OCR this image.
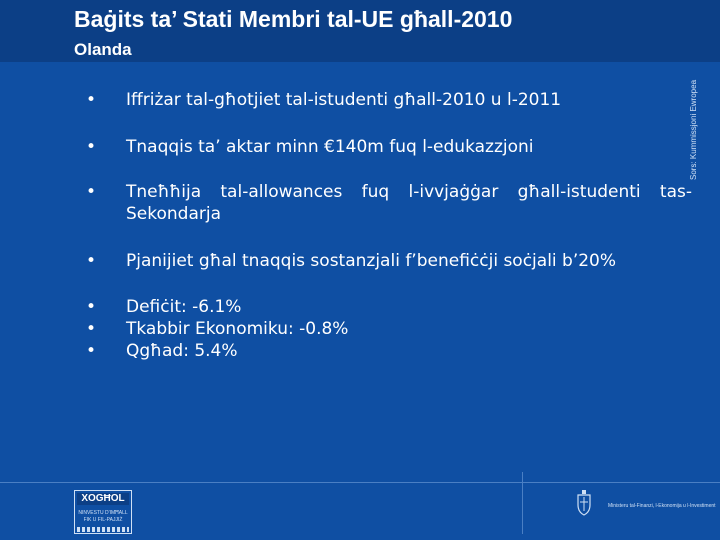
Baġits ta’ Stati Membri tal-UE għall-2010
Olanda
Sors: Kummissjoni Ewropea
• Iffriżar tal-għotjiet tal-istudenti għall-2010 u l-2011
• Tnaqqis ta’ aktar minn €140m fuq l-edukazzjoni
• Tneħħija tal-allowances fuq l-ivvjaġġar għall-istudenti tas-Sekondarja
• Pjanijiet għal tnaqqis sostanzjali f’benefiċċji soċjali b’20%
• Defiċit: -6.1%
• Tkabbir Ekonomiku: -0.8%
• Qgħad: 5.4%
XOGĦOL
NINVESTU D'IMĦALL
FIK U FIL-PAJJIŻ
Ministeru tal-Finanzi, l-Ekonomija u l-Investiment
